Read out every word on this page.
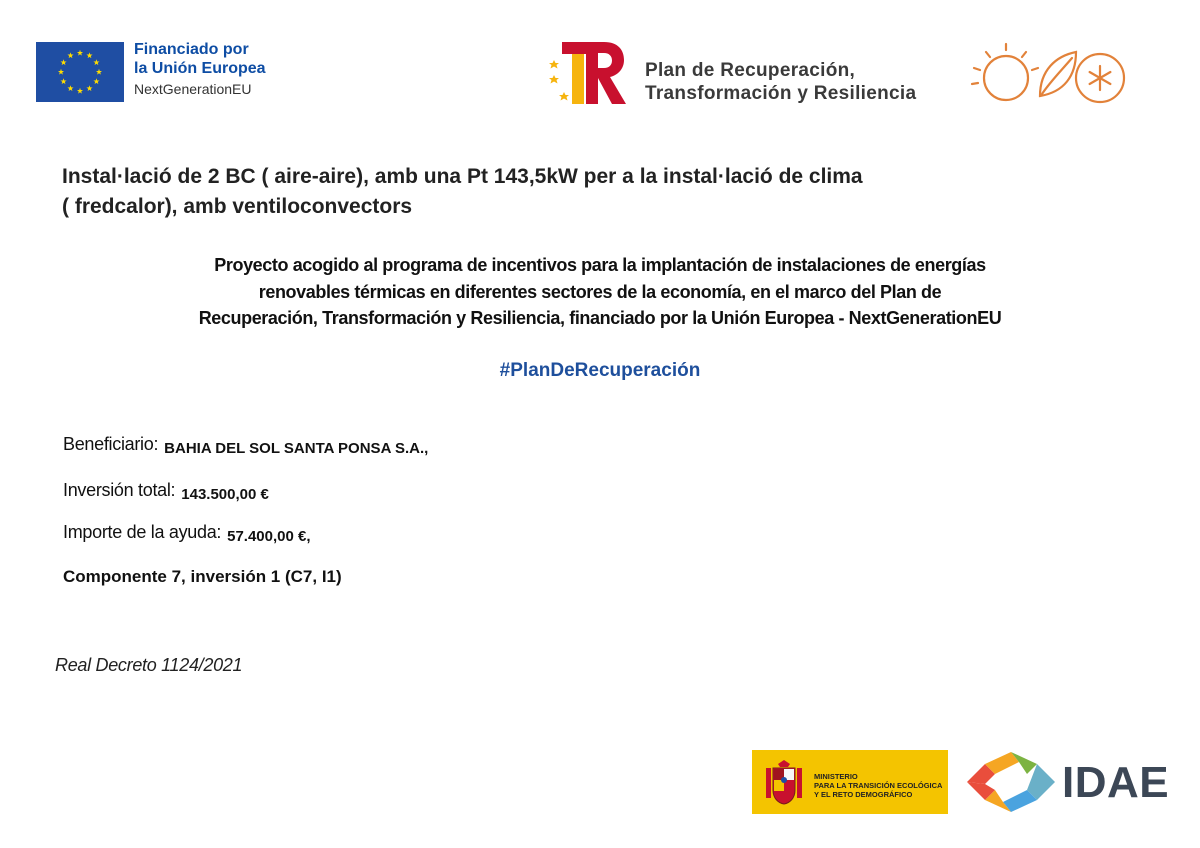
Financiado por
la Unión Europea
NextGenerationEU
Plan de Recuperación,
Transformación y Resiliencia
Instal·lació de 2 BC ( aire-aire), amb una Pt 143,5kW per a la instal·lació de clima
( fredcalor), amb ventiloconvectors
Proyecto acogido al programa de incentivos para la implantación de instalaciones de energías
renovables térmicas en diferentes sectores de la economía, en el marco del Plan de
Recuperación, Transformación y Resiliencia, financiado por la Unión Europea - NextGenerationEU
#PlanDeRecuperación
Beneficiario: BAHIA DEL SOL SANTA PONSA S.A.,
Inversión total: 143.500,00 €
Importe de la ayuda: 57.400,00 €,
Componente 7, inversión 1 (C7, I1)
Real Decreto 1124/2021
MINISTERIO
PARA LA TRANSICIÓN ECOLÓGICA
Y EL RETO DEMOGRÁFICO	IDAE
